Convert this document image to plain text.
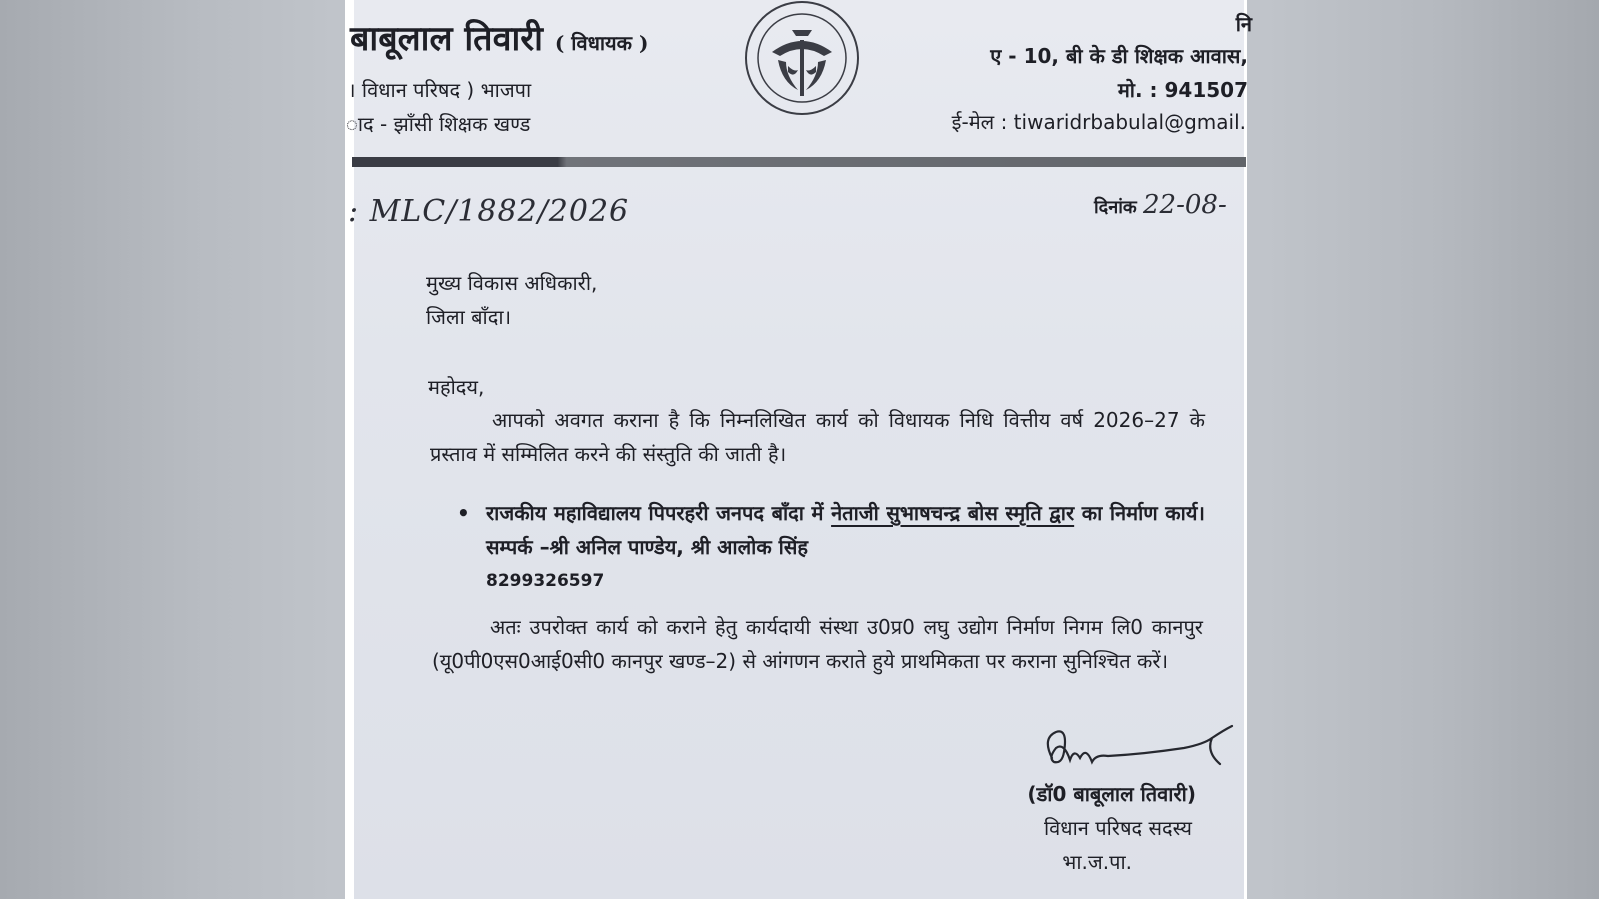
बाबूलाल तिवारी ( विधायक )
। विधान परिषद ) भाजपा
ाद - झाँसी शिक्षक खण्ड
नि
ए - 10, बी के डी शिक्षक आवास,
मो. : 941507
ई-मेल : tiwaridrbabulal@gmail.
: MLC/1882/2026	दिनांक 22-08-
मुख्य विकास अधिकारी,
जिला बाँदा।
महोदय,
आपको अवगत कराना है कि निम्नलिखित कार्य को विधायक निधि वित्तीय वर्ष 2026–27 के प्रस्ताव में सम्मिलित करने की संस्तुति की जाती है।
• राजकीय महाविद्यालय पिपरहरी जनपद बाँदा में नेताजी सुभाषचन्द्र बोस स्मृति द्वार का निर्माण कार्य। सम्पर्क –श्री अनिल पाण्डेय, श्री आलोक सिंह
8299326597
अतः उपरोक्त कार्य को कराने हेतु कार्यदायी संस्था उ0प्र0 लघु उद्योग निर्माण निगम लि0 कानपुर (यू0पी0एस0आई0सी0 कानपुर खण्ड–2) से आंगणन कराते हुये प्राथमिकता पर कराना सुनिश्चित करें।
(डॉ0 बाबूलाल तिवारी)
विधान परिषद सदस्य
भा.ज.पा.
